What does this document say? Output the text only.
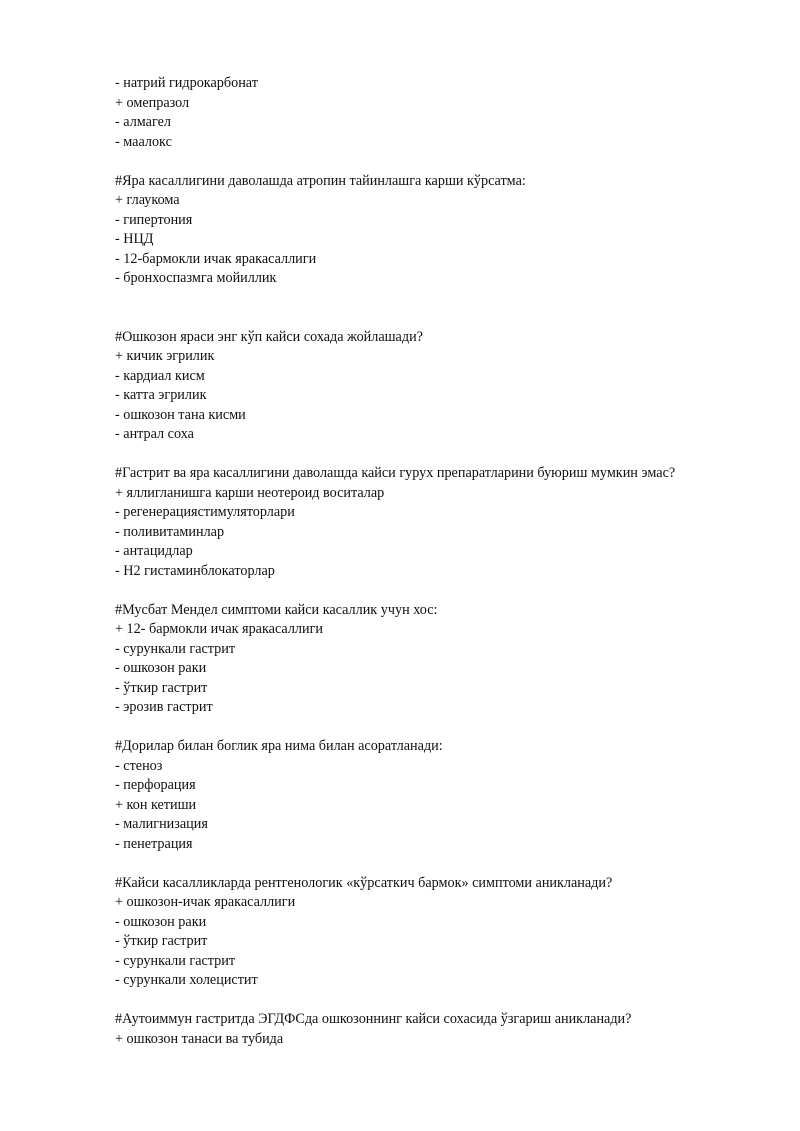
- натрий гидрокарбонат
+ омепразол
- алмагел
- маалокс
#Яра касаллигини даволашда атропин тайинлашга карши кўрсатма:
+ глаукома
- гипертония
- НЦД
- 12-бармокли ичак яракасаллиги
- бронхоспазмга мойиллик
#Ошкозон яраси энг кўп кайси сохада жойлашади?
+ кичик эгрилик
- кардиал кисм
- катта эгрилик
- ошкозон тана кисми
- антрал соха
#Гастрит ва яра касаллигини даволашда кайси гурух препаратларини буюриш мумкин эмас?
+ яллигланишга карши неотероид воситалар
- регенерациястимуляторлари
- поливитаминлар
- антацидлар
- H2 гистаминблокаторлар
#Мусбат Мендел симптоми кайси касаллик учун хос:
+ 12- бармокли ичак яракасаллиги
- сурункали гастрит
- ошкозон раки
- ўткир гастрит
- эрозив гастрит
#Дорилар билан боглик яра нима билан асоратланади:
- стеноз
- перфорация
+ кон кетиши
- малигнизация
- пенетрация
#Кайси касалликларда рентгенологик «кўрсаткич бармок» симптоми аникланади?
+ ошкозон-ичак яракасаллиги
- ошкозон раки
- ўткир гастрит
- сурункали гастрит
- сурункали холецистит
#Аутоиммун гастритда ЭГДФСда ошкозоннинг кайси сохасида ўзгариш аникланади?
+ ошкозон танаси ва тубида
